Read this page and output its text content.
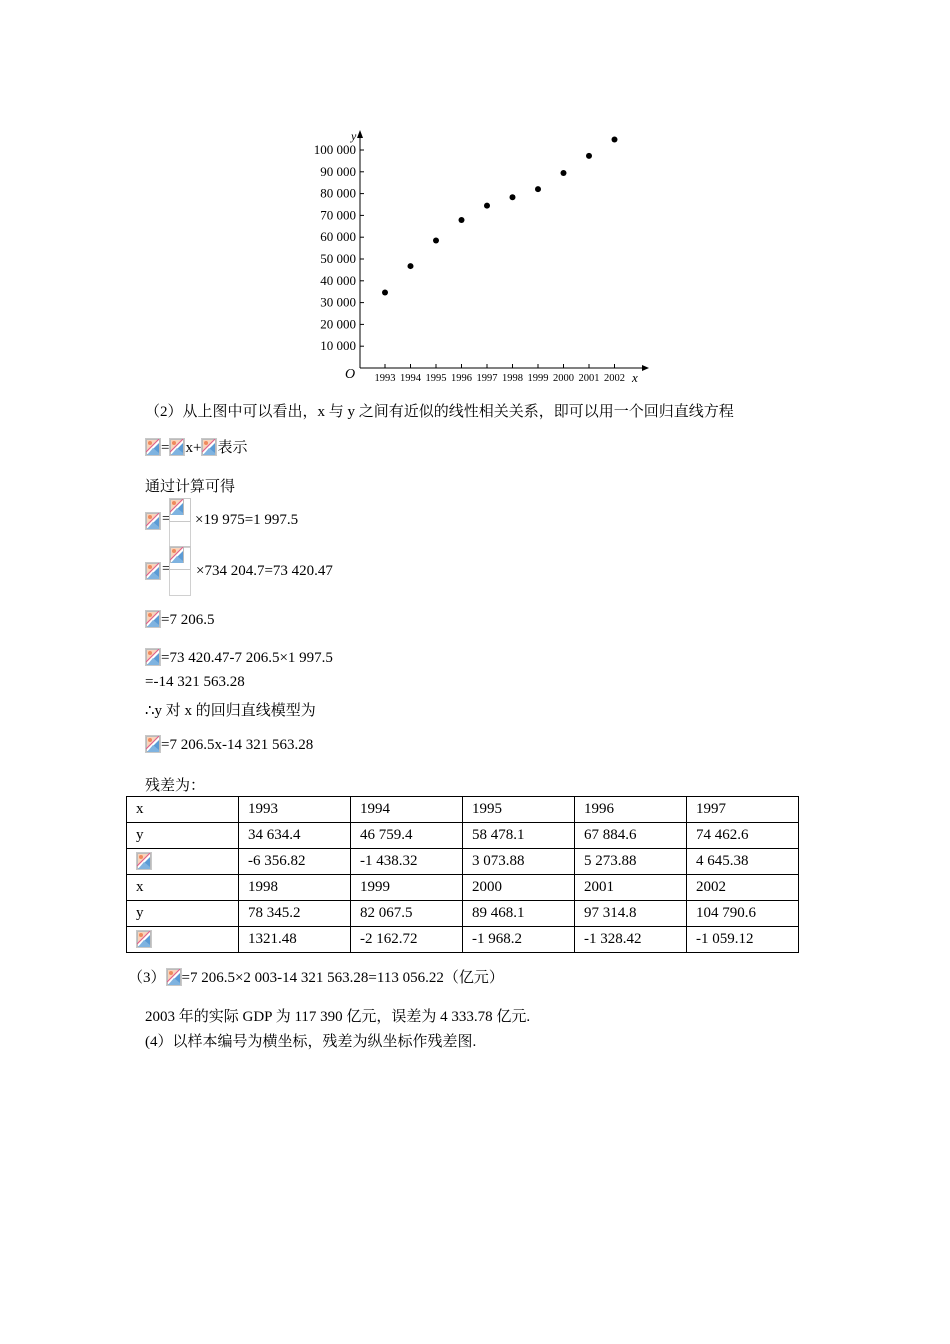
10 000
20 000
30 000
40 000
50 000
60 000
70 000
80 000
90 000
100 000
1993 1994 1995 1996 1997 1998 1999 2000 2001 2002
y
x
O
（2）从上图中可以看出，x 与 y 之间有近似的线性相关关系，即可以用一个回归直线方程
= x+ 表示
通过计算可得
= ×19 975=1 997.5
= ×734 204.7=73 420.47
=7 206.5
=73 420.47-7 206.5×1 997.5
=-14 321 563.28
∴y 对 x 的回归直线模型为
=7 206.5x-14 321 563.28
残差为：
x	1993	1994	1995	1996	1997
y	34 634.4	46 759.4	58 478.1	67 884.6	74 462.6

	-6 356.82	-1 438.32	3 073.88	5 273.88	4 645.38
x	1998	1999	2000	2001	2002
y	78 345.2	82 067.5	89 468.1	97 314.8	104 790.6

	1321.48	-2 162.72	-1 968.2	-1 328.42	-1 059.12
（3） =7 206.5×2 003-14 321 563.28=113 056.22（亿元）
2003 年的实际 GDP 为 117 390 亿元，误差为 4 333.78 亿元.
(4）以样本编号为横坐标，残差为纵坐标作残差图.
